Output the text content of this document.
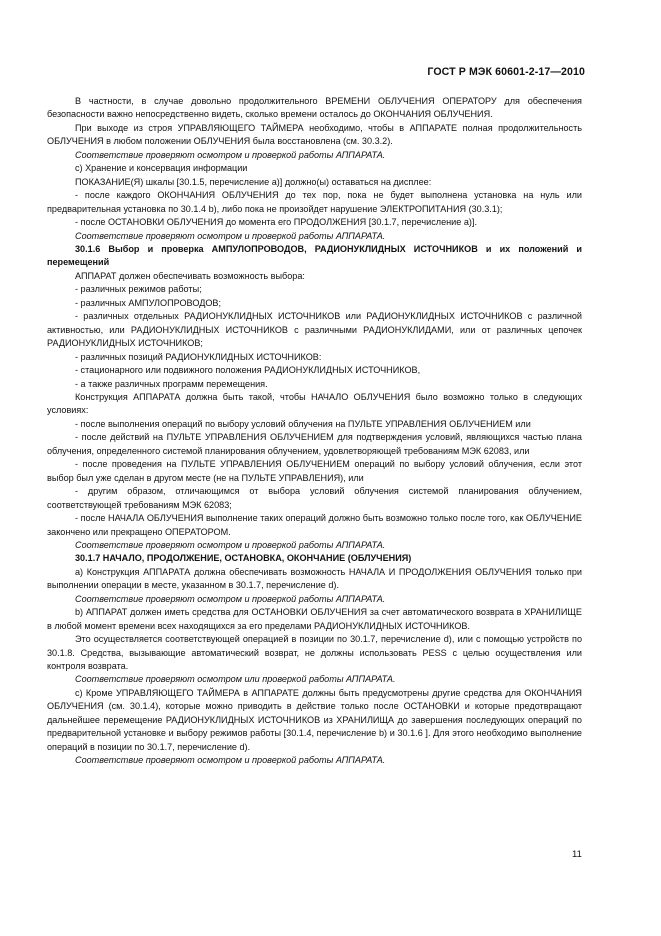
ГОСТ Р МЭК 60601-2-17—2010

В частности, в случае довольно продолжительного ВРЕМЕНИ ОБЛУЧЕНИЯ ОПЕРАТОРУ для обеспечения безопасности важно непосредственно видеть, сколько времени осталось до ОКОНЧАНИЯ ОБЛУЧЕНИЯ.

При выходе из строя УПРАВЛЯЮЩЕГО ТАЙМЕРА необходимо, чтобы в АППАРАТЕ полная продолжительность ОБЛУЧЕНИЯ в любом положении ОБЛУЧЕНИЯ была восстановлена (см. 30.3.2).

Соответствие проверяют осмотром и проверкой работы АППАРАТА.

c) Хранение и консервация информации

ПОКАЗАНИЕ(Я) шкалы [30.1.5, перечисление a)] должно(ы) оставаться на дисплее:

- после каждого ОКОНЧАНИЯ ОБЛУЧЕНИЯ до тех пор, пока не будет выполнена установка на нуль или предварительная установка по 30.1.4 b), либо пока не произойдет нарушение ЭЛЕКТРОПИТАНИЯ (30.3.1);

- после ОСТАНОВКИ ОБЛУЧЕНИЯ до момента его ПРОДОЛЖЕНИЯ [30.1.7, перечисление a)].

Соответствие проверяют осмотром и проверкой работы АППАРАТА.

30.1.6 Выбор и проверка АМПУЛОПРОВОДОВ, РАДИОНУКЛИДНЫХ ИСТОЧНИКОВ и их положений и перемещений

АППАРАТ должен обеспечивать возможность выбора:

- различных режимов работы;

- различных АМПУЛОПРОВОДОВ;

- различных отдельных РАДИОНУКЛИДНЫХ ИСТОЧНИКОВ или РАДИОНУКЛИДНЫХ ИСТОЧНИКОВ с различной активностью, или РАДИОНУКЛИДНЫХ ИСТОЧНИКОВ с различными РАДИОНУКЛИДАМИ, или от различных цепочек РАДИОНУКЛИДНЫХ ИСТОЧНИКОВ;

- различных позиций РАДИОНУКЛИДНЫХ ИСТОЧНИКОВ:

- стационарного или подвижного положения РАДИОНУКЛИДНЫХ ИСТОЧНИКОВ,

- а также различных программ перемещения.

Конструкция АППАРАТА должна быть такой, чтобы НАЧАЛО ОБЛУЧЕНИЯ было возможно только в следующих условиях:

- после выполнения операций по выбору условий облучения на ПУЛЬТЕ УПРАВЛЕНИЯ ОБЛУЧЕНИЕМ или

- после действий на ПУЛЬТЕ УПРАВЛЕНИЯ ОБЛУЧЕНИЕМ для подтверждения условий, являющихся частью плана облучения, определенного системой планирования облучением, удовлетворяющей требованиям МЭК 62083, или

- после проведения на ПУЛЬТЕ УПРАВЛЕНИЯ ОБЛУЧЕНИЕМ операций по выбору условий облучения, если этот выбор был уже сделан в другом месте (не на ПУЛЬТЕ УПРАВЛЕНИЯ), или

- другим образом, отличающимся от выбора условий облучения системой планирования облучением, соответствующей требованиям МЭК 62083;

- после НАЧАЛА ОБЛУЧЕНИЯ выполнение таких операций должно быть возможно только после того, как ОБЛУЧЕНИЕ закончено или прекращено ОПЕРАТОРОМ.

Соответствие проверяют осмотром и проверкой работы АППАРАТА.

30.1.7 НАЧАЛО, ПРОДОЛЖЕНИЕ, ОСТАНОВКА, ОКОНЧАНИЕ (ОБЛУЧЕНИЯ)

a) Конструкция АППАРАТА должна обеспечивать возможность НАЧАЛА И ПРОДОЛЖЕНИЯ ОБЛУЧЕНИЯ только при выполнении операции в месте, указанном в 30.1.7, перечисление d).

Соответствие проверяют осмотром и проверкой работы АППАРАТА.

b) АППАРАТ должен иметь средства для ОСТАНОВКИ ОБЛУЧЕНИЯ за счет автоматического возврата в ХРАНИЛИЩЕ в любой момент времени всех находящихся за его пределами РАДИОНУКЛИДНЫХ ИСТОЧНИКОВ.

Это осуществляется соответствующей операцией в позиции по 30.1.7, перечисление d), или с помощью устройств по 30.1.8. Средства, вызывающие автоматический возврат, не должны использовать PESS с целью осуществления или контроля возврата.

Соответствие проверяют осмотром или проверкой работы АППАРАТА.

c) Кроме УПРАВЛЯЮЩЕГО ТАЙМЕРА в АППАРАТЕ должны быть предусмотрены другие средства для ОКОНЧАНИЯ ОБЛУЧЕНИЯ (см. 30.1.4), которые можно приводить в действие только после ОСТАНОВКИ и которые предотвращают дальнейшее перемещение РАДИОНУКЛИДНЫХ ИСТОЧНИКОВ из ХРАНИЛИЩА до завершения последующих операций по предварительной установке и выбору режимов работы [30.1.4, перечисление b) и 30.1.6 ]. Для этого необходимо выполнение операций в позиции по 30.1.7, перечисление d).

Соответствие проверяют осмотром и проверкой работы АППАРАТА.

11
